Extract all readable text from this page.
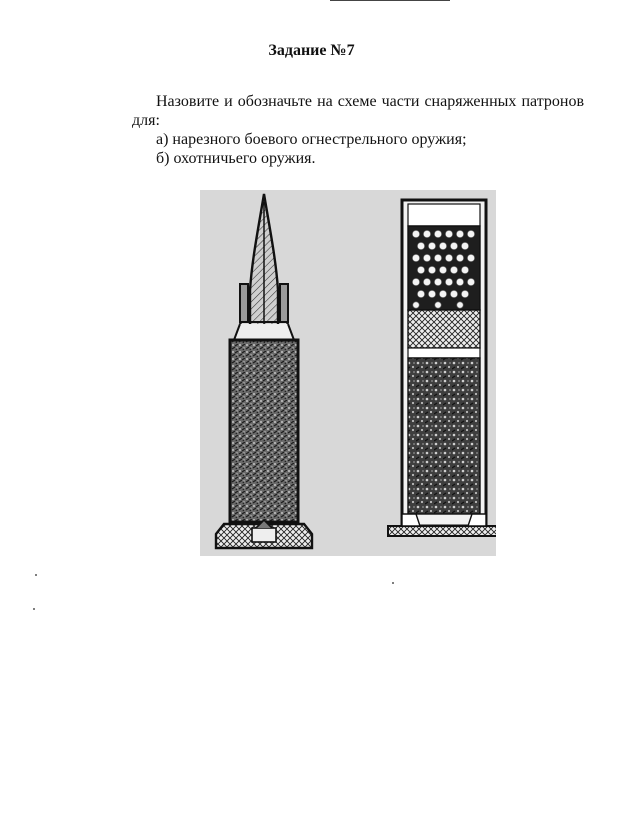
Задание №7
Назовите и обозначьте на схеме части снаряженных патронов для:
а) нарезного боевого огнестрельного оружия;
б) охотничьего оружия.
